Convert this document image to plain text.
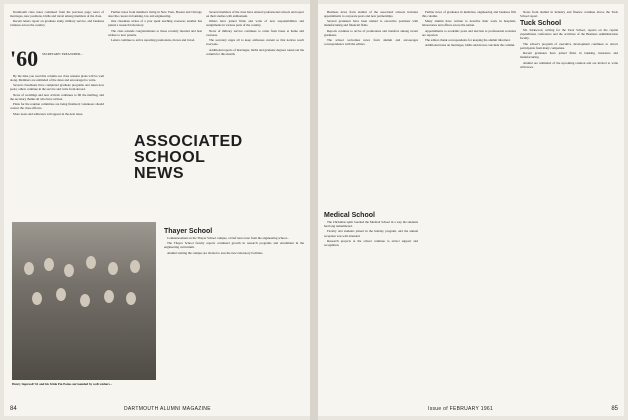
Dartmouth class notes continued from the previous page; news of marriages, new positions, births and travel among members of the class.

Recent letters report on graduate study, military service, and business ventures across the country.

'60	SECRETARY: TREASURER...

By the time you read this column our class reunion plans will be well along. Members are reminded of the dates and encouraged to write.

Several classmates have completed graduate programs and taken new posts; others continue in the service and write from abroad.

News of weddings and new arrivals continues to fill the mailbag, and the secretary thanks all who have written.

Plans for the reunion committee are being finalized; volunteers should contact the class officers.

More notes and addresses will appear in the next issue.

Further notes from members living in New York, Boston and Chicago describe careers in banking, law and engineering.

One classmate writes of a year spent teaching overseas; another has joined a research laboratory.

The class extends congratulations to those recently married and best wishes to new parents.

Letters continue to arrive reporting promotions, moves and travel.

ASSOCIATED SCHOOL NEWS

Several members of the class have entered professional schools and report on their studies with enthusiasm.

Others have joined firms and write of new responsibilities and assignments in various parts of the country.

News of military service continues to come from bases at home and overseas.

The secretary urges all to keep addresses current so that notices reach everyone.

Additional reports of marriages, births and graduate degrees round out the column for this month.

Thayer School

Commencement on the Thayer School campus, a brief news note from the engineering school...

The Thayer School faculty reports continued growth in research programs and enrollment in the engineering curriculum.

Alumni visiting the campus are invited to tour the new laboratory facilities.

Henry Ingersoll '61 and his bride Pat Podos surrounded by well-wishers...
84	DARTMOUTH ALUMNI MAGAZINE

Business news from alumni of the associated schools includes appointments to corporate posts and new partnerships.

Several graduates have been named to executive positions with manufacturing and financial firms.

Reports continue to arrive of promotions and transfers among recent graduates.

The school welcomes news from alumni and encourages correspondence with the editors.

Medical School

The Christmas spirit touched the Medical School in a way the students had long remembered.

Faculty and students joined in the holiday program, and the annual reception was well attended.

Research projects at the school continue to attract support and recognition.

Further news of graduates in medicine, engineering and business fills this column.

Many alumni have written to describe their work in hospitals, laboratories and offices across the nation.

Appointments to academic posts and election to professional societies are reported.

The editors thank correspondents for keeping the alumni informed.

Additional notes on marriages, births and moves conclude the column.

Notes from alumni in industry and finance continue above the Tuck School report.

Tuck School

Mr. Kirkwood, writing for the Tuck School, reports on the capital expenditures conference and the activities of the Business Administration faculty.

The school's program of executive development continues to attract participants from many companies.

Recent graduates have joined firms in banking, insurance and manufacturing.

Alumni are reminded of the upcoming reunion and are invited to write with news.

85
Issue of FEBRUARY 1961
